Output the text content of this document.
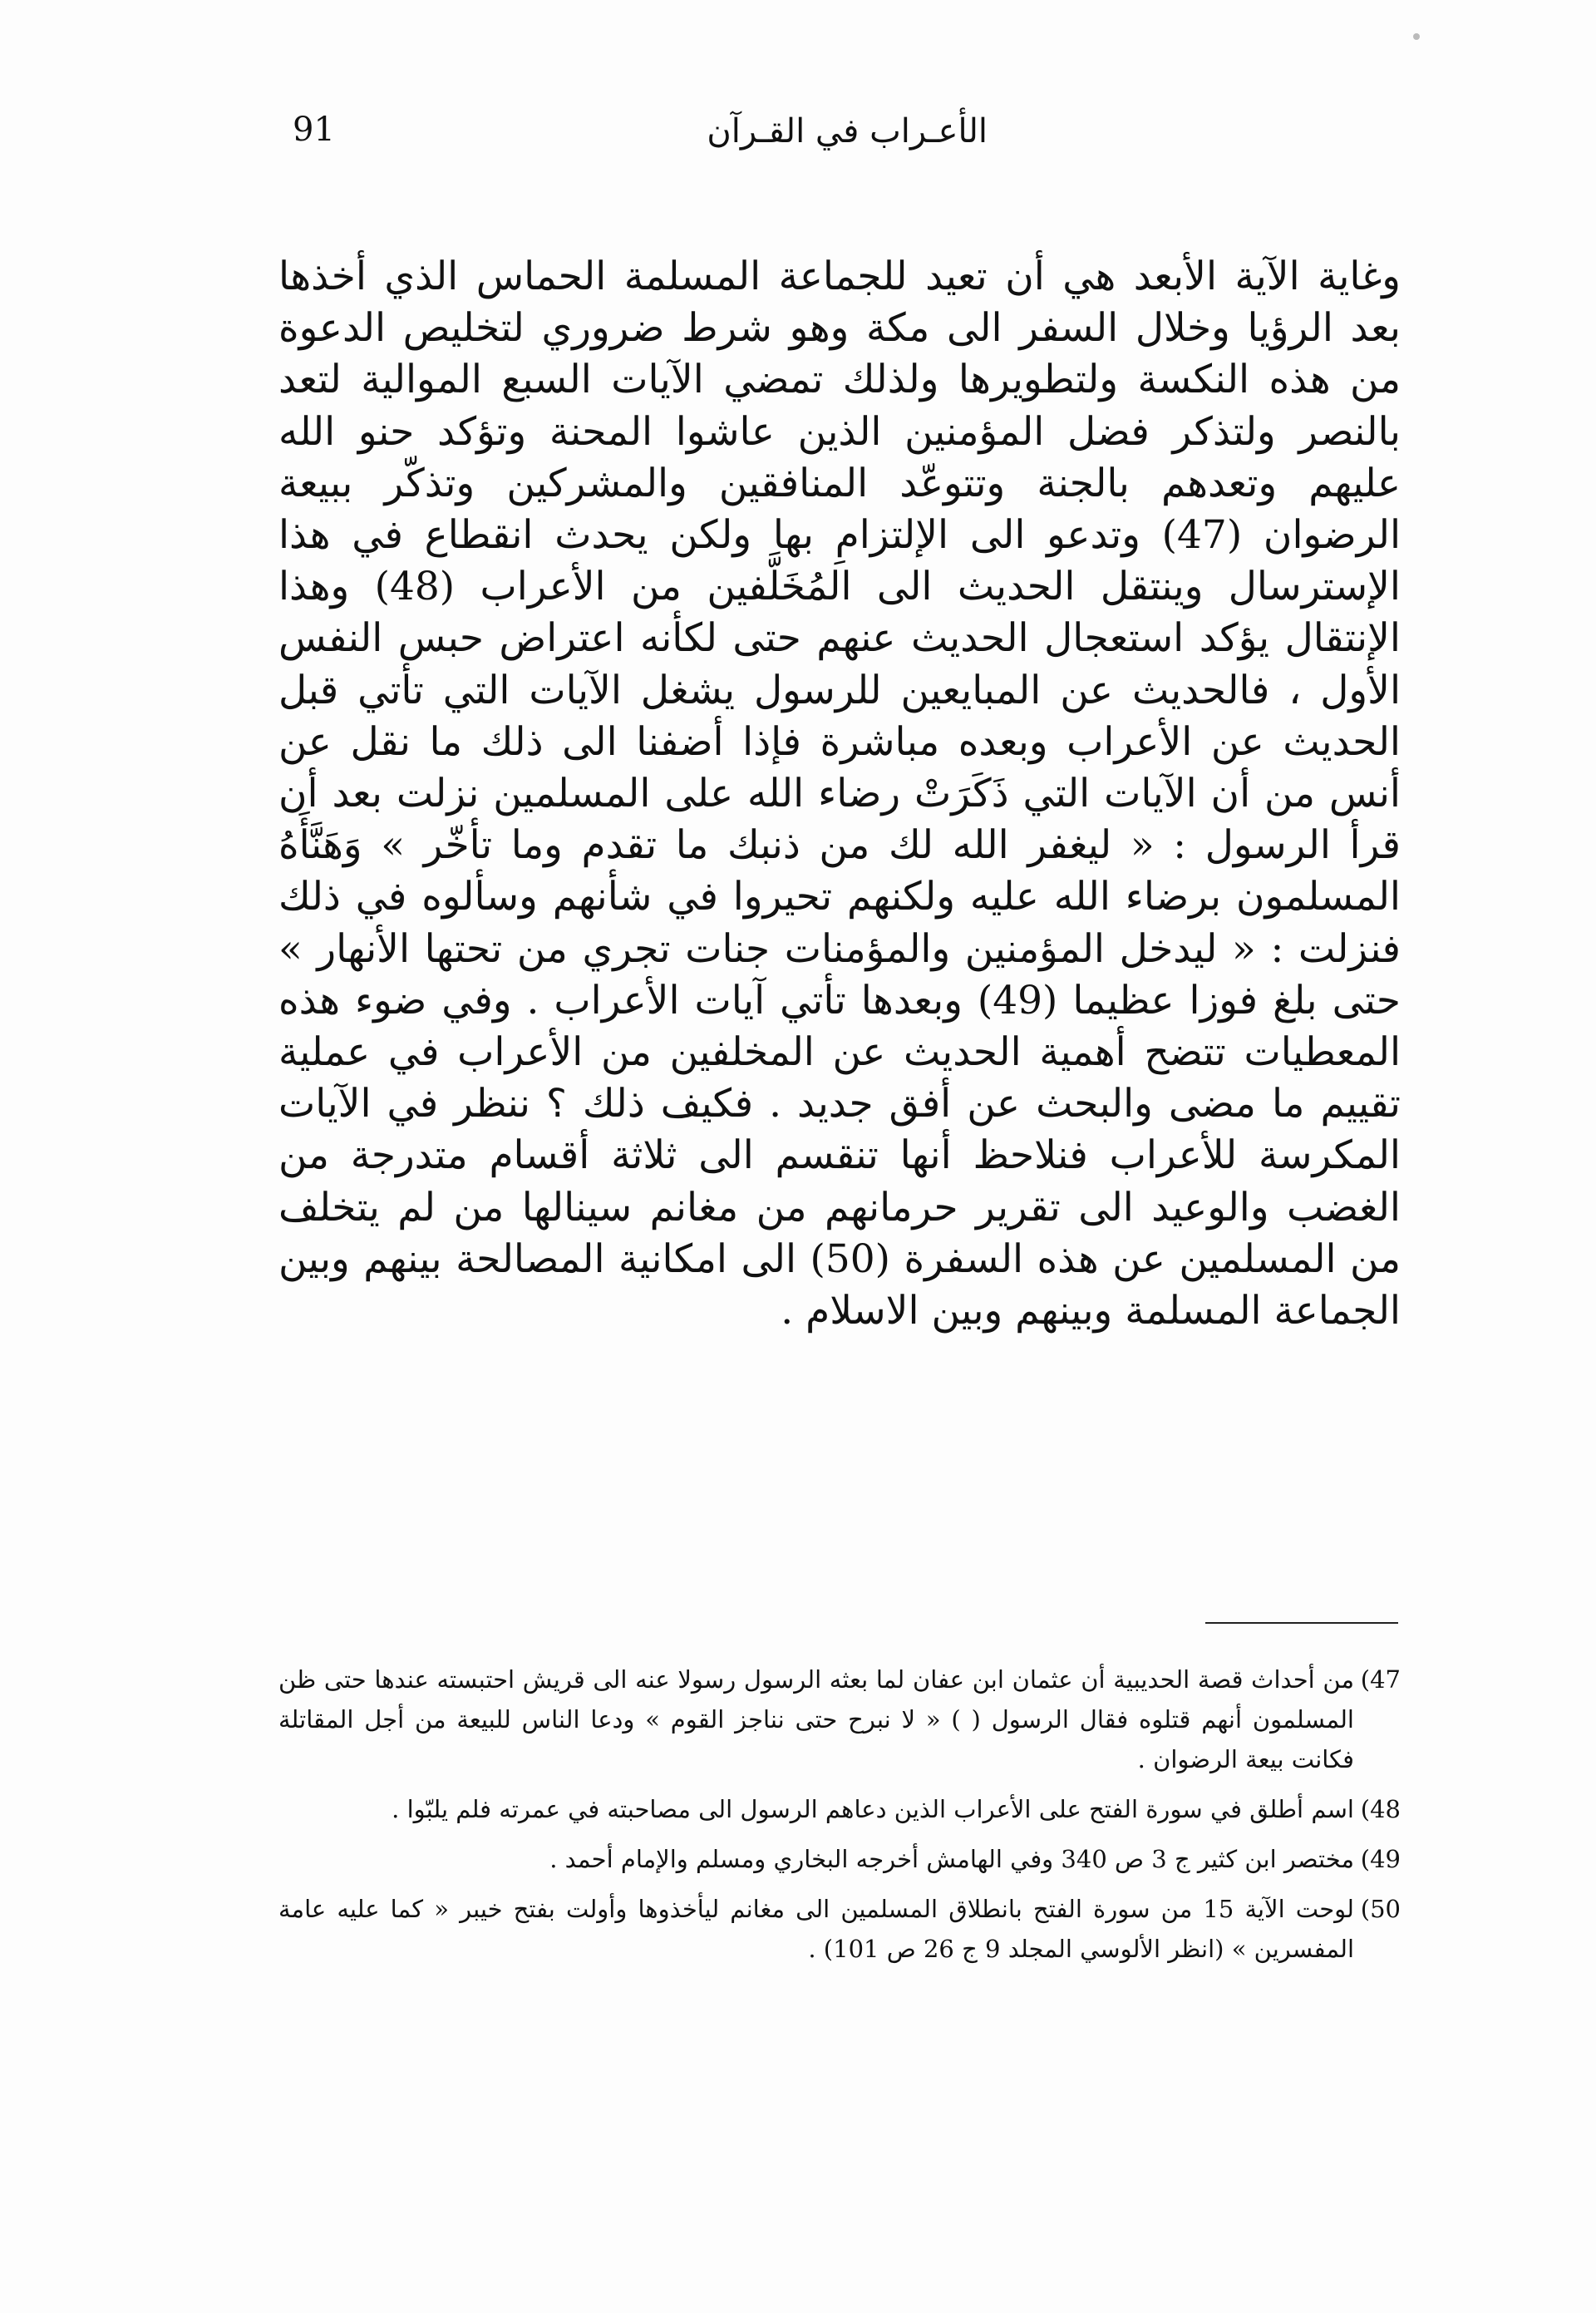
91	الأعـراب في القـرآن

وغاية الآية الأبعد هي أن تعيد للجماعة المسلمة الحماس الذي أخذها بعد الرؤيا وخلال السفر الى مكة وهو شرط ضروري لتخليص الدعوة من هذه النكسة ولتطويرها ولذلك تمضي الآيات السبع الموالية لتعد بالنصر ولتذكر فضل المؤمنين الذين عاشوا المحنة وتؤكد حنو الله عليهم وتعدهم بالجنة وتتوعّد المنافقين والمشركين وتذكّر ببيعة الرضوان (47) وتدعو الى الإلتزامِ بها ولكن يحدث انقطاع في هذا الإسترسال وينتقل الحديث الى المُخَلَّفين من الأعراب (48) وهذا الإنتقال يؤكد استعجال الحديث عنهم حتى لكأنه اعتراض حبس النفس الأول ، فالحديث عن المبايعين للرسول يشغل الآيات التي تأتي قبل الحديث عن الأعراب وبعده مباشرة فإذا أضفنا الى ذلك ما نقل عن أنس من أن الآيات التي ذَكَرَتْ رضاء الله على المسلمين نزلت بعد أن قرأ الرسول : « ليغفر الله لك من ذنبك ما تقدم وما تأخّر » وَهَنَّأَهُ المسلمون برضاء الله عليه ولكنهم تحيروا في شأنهم وسألوه في ذلك فنزلت : « ليدخل المؤمنين والمؤمنات جنات تجري من تحتها الأنهار » حتى بلغ فوزا عظيما (49) وبعدها تأتي آيات الأعراب . وفي ضوء هذه المعطيات تتضح أهمية الحديث عن المخلفين من الأعراب في عملية تقييم ما مضى والبحث عن أفق جديد . فكيف ذلك ؟ ننظر في الآيات المكرسة للأعراب فنلاحظ أنها تنقسم الى ثلاثة أقسام متدرجة من الغضب والوعيد الى تقرير حرمانهم من مغانم سينالها من لم يتخلف من المسلمين عن هذه السفرة (50) الى امكانية المصالحة بينهم وبين الجماعة المسلمة وبينهم وبين الاسلام .

47)
من أحداث قصة الحديبية أن عثمان ابن عفان لما بعثه الرسول رسولا عنه الى قريش احتبسته عندها حتى ظن المسلمون أنهم قتلوه فقال الرسول ( ) « لا نبرح حتى نناجز القوم » ودعا الناس للبيعة من أجل المقاتلة فكانت بيعة الرضوان .

48)
اسم أطلق في سورة الفتح على الأعراب الذين دعاهم الرسول الى مصاحبته في عمرته فلم يلبّوا .

49)
مختصر ابن كثير ج 3 ص 340 وفي الهامش أخرجه البخاري ومسلم والإمام أحمد .

50)
لوحت الآية 15 من سورة الفتح بانطلاق المسلمين الى مغانم ليأخذوها وأولت بفتح خيبر « كما عليه عامة المفسرين » (انظر الألوسي المجلد 9 ج 26 ص 101) .
